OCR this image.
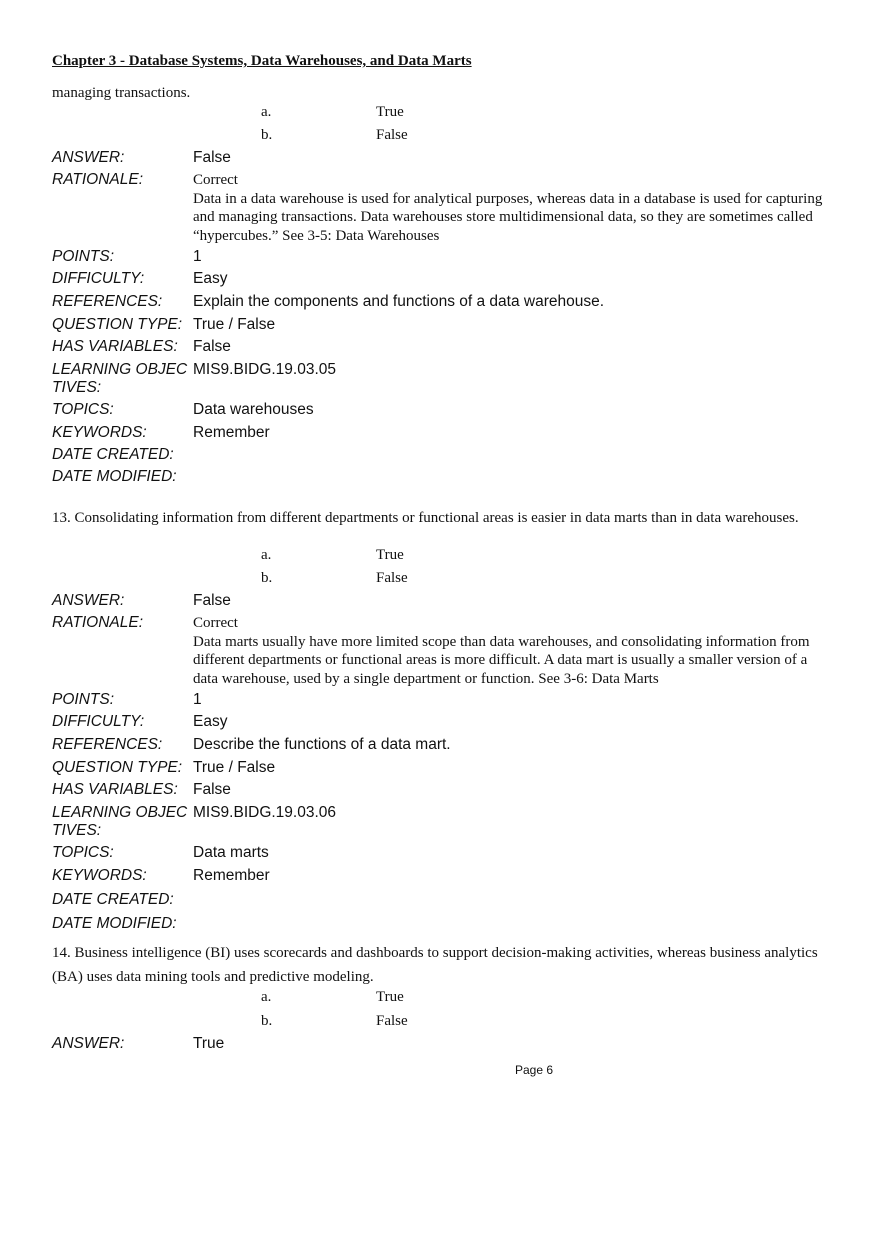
Chapter 3 - Database Systems, Data Warehouses, and Data Marts
managing transactions.
a.	True
b.	False
ANSWER:	False
RATIONALE:	Correct
Data in a data warehouse is used for analytical purposes, whereas data in a database is used for capturing and managing transactions. Data warehouses store multidimensional data, so they are sometimes called “hypercubes.” See 3-5: Data Warehouses
POINTS:	1
DIFFICULTY:	Easy
REFERENCES: Explain the components and functions of a data warehouse.
QUESTION TYPE: True / False
HAS VARIABLES: False
LEARNING OBJEC
TIVES:
MIS9.BIDG.19.03.05
TOPICS:	Data warehouses
KEYWORDS:	Remember
DATE CREATED:
DATE MODIFIED:
13. Consolidating information from different departments or functional areas is easier in data marts than in data warehouses.
a.	True
b.	False
ANSWER:	False
RATIONALE:	Correct
Data marts usually have more limited scope than data warehouses, and consolidating information from different departments or functional areas is more difficult. A data mart is usually a smaller version of a data warehouse, used by a single department or function. See 3-6: Data Marts
POINTS:	1
DIFFICULTY:	Easy
REFERENCES: Describe the functions of a data mart.
QUESTION TYPE: True / False
HAS VARIABLES: False
LEARNING OBJEC
TIVES:
MIS9.BIDG.19.03.06
TOPICS:	Data marts
KEYWORDS:	Remember
DATE CREATED:
DATE MODIFIED:
14. Business intelligence (BI) uses scorecards and dashboards to support decision-making activities, whereas business analytics (BA) uses data mining tools and predictive modeling.
a.	True
b.	False
ANSWER:	True
Page 6
